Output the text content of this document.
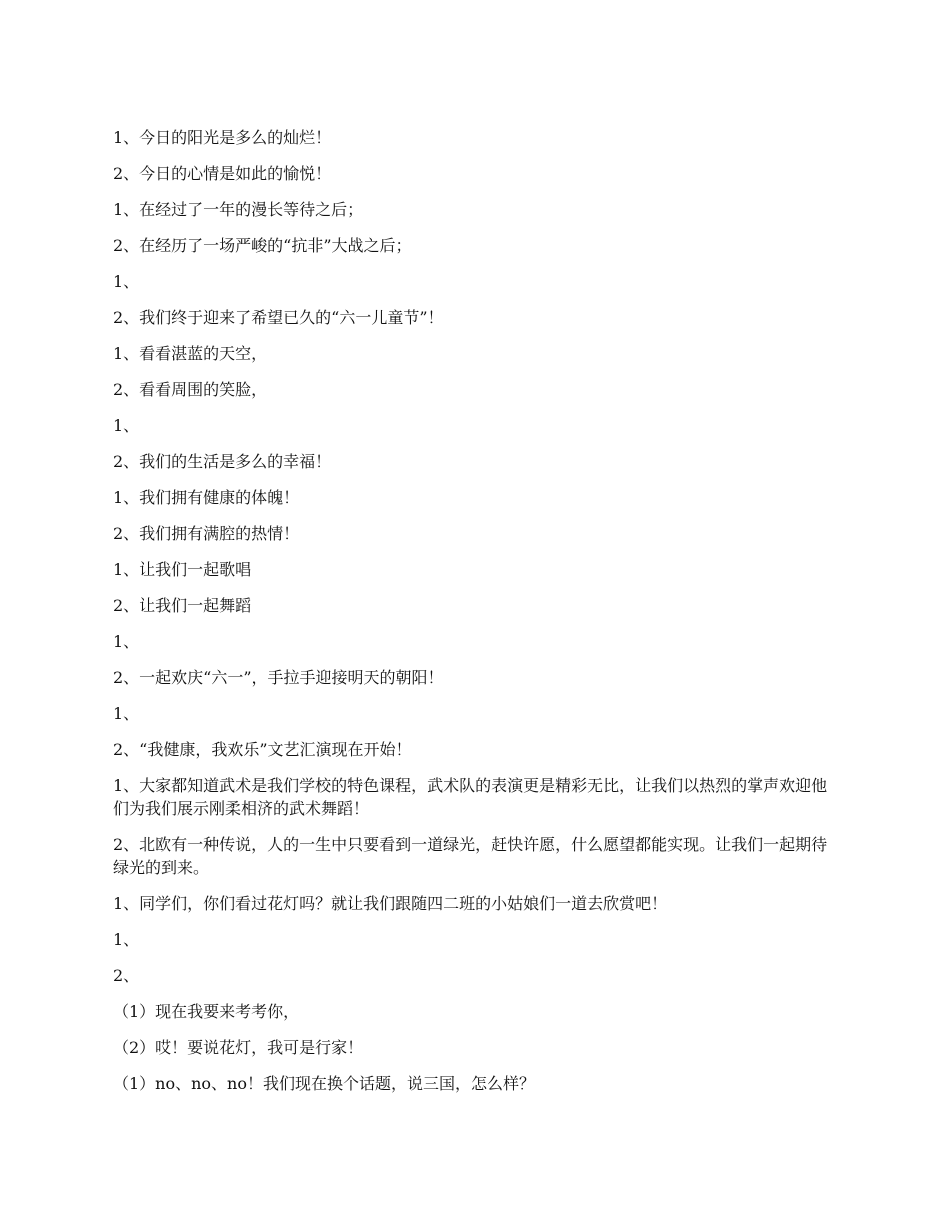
1、今日的阳光是多么的灿烂！

2、今日的心情是如此的愉悦！

1、在经过了一年的漫长等待之后；

2、在经历了一场严峻的“抗非”大战之后；

1、

2、我们终于迎来了希望已久的“六一儿童节”！

1、看看湛蓝的天空，

2、看看周围的笑脸，

1、

2、我们的生活是多么的幸福！

1、我们拥有健康的体魄！

2、我们拥有满腔的热情！

1、让我们一起歌唱

2、让我们一起舞蹈

1、

2、一起欢庆“六一”，手拉手迎接明天的朝阳！

1、

2、“我健康，我欢乐”文艺汇演现在开始！

1、大家都知道武术是我们学校的特色课程，武术队的表演更是精彩无比，让我们以热烈的掌声欢迎他们为我们展示刚柔相济的武术舞蹈！

2、北欧有一种传说，人的一生中只要看到一道绿光，赶快许愿，什么愿望都能实现。让我们一起期待绿光的到来。

1、同学们，你们看过花灯吗？就让我们跟随四二班的小姑娘们一道去欣赏吧！

1、

2、

（1）现在我要来考考你，

（2）哎！要说花灯，我可是行家！

（1）no、no、no！我们现在换个话题，说三国，怎么样？
